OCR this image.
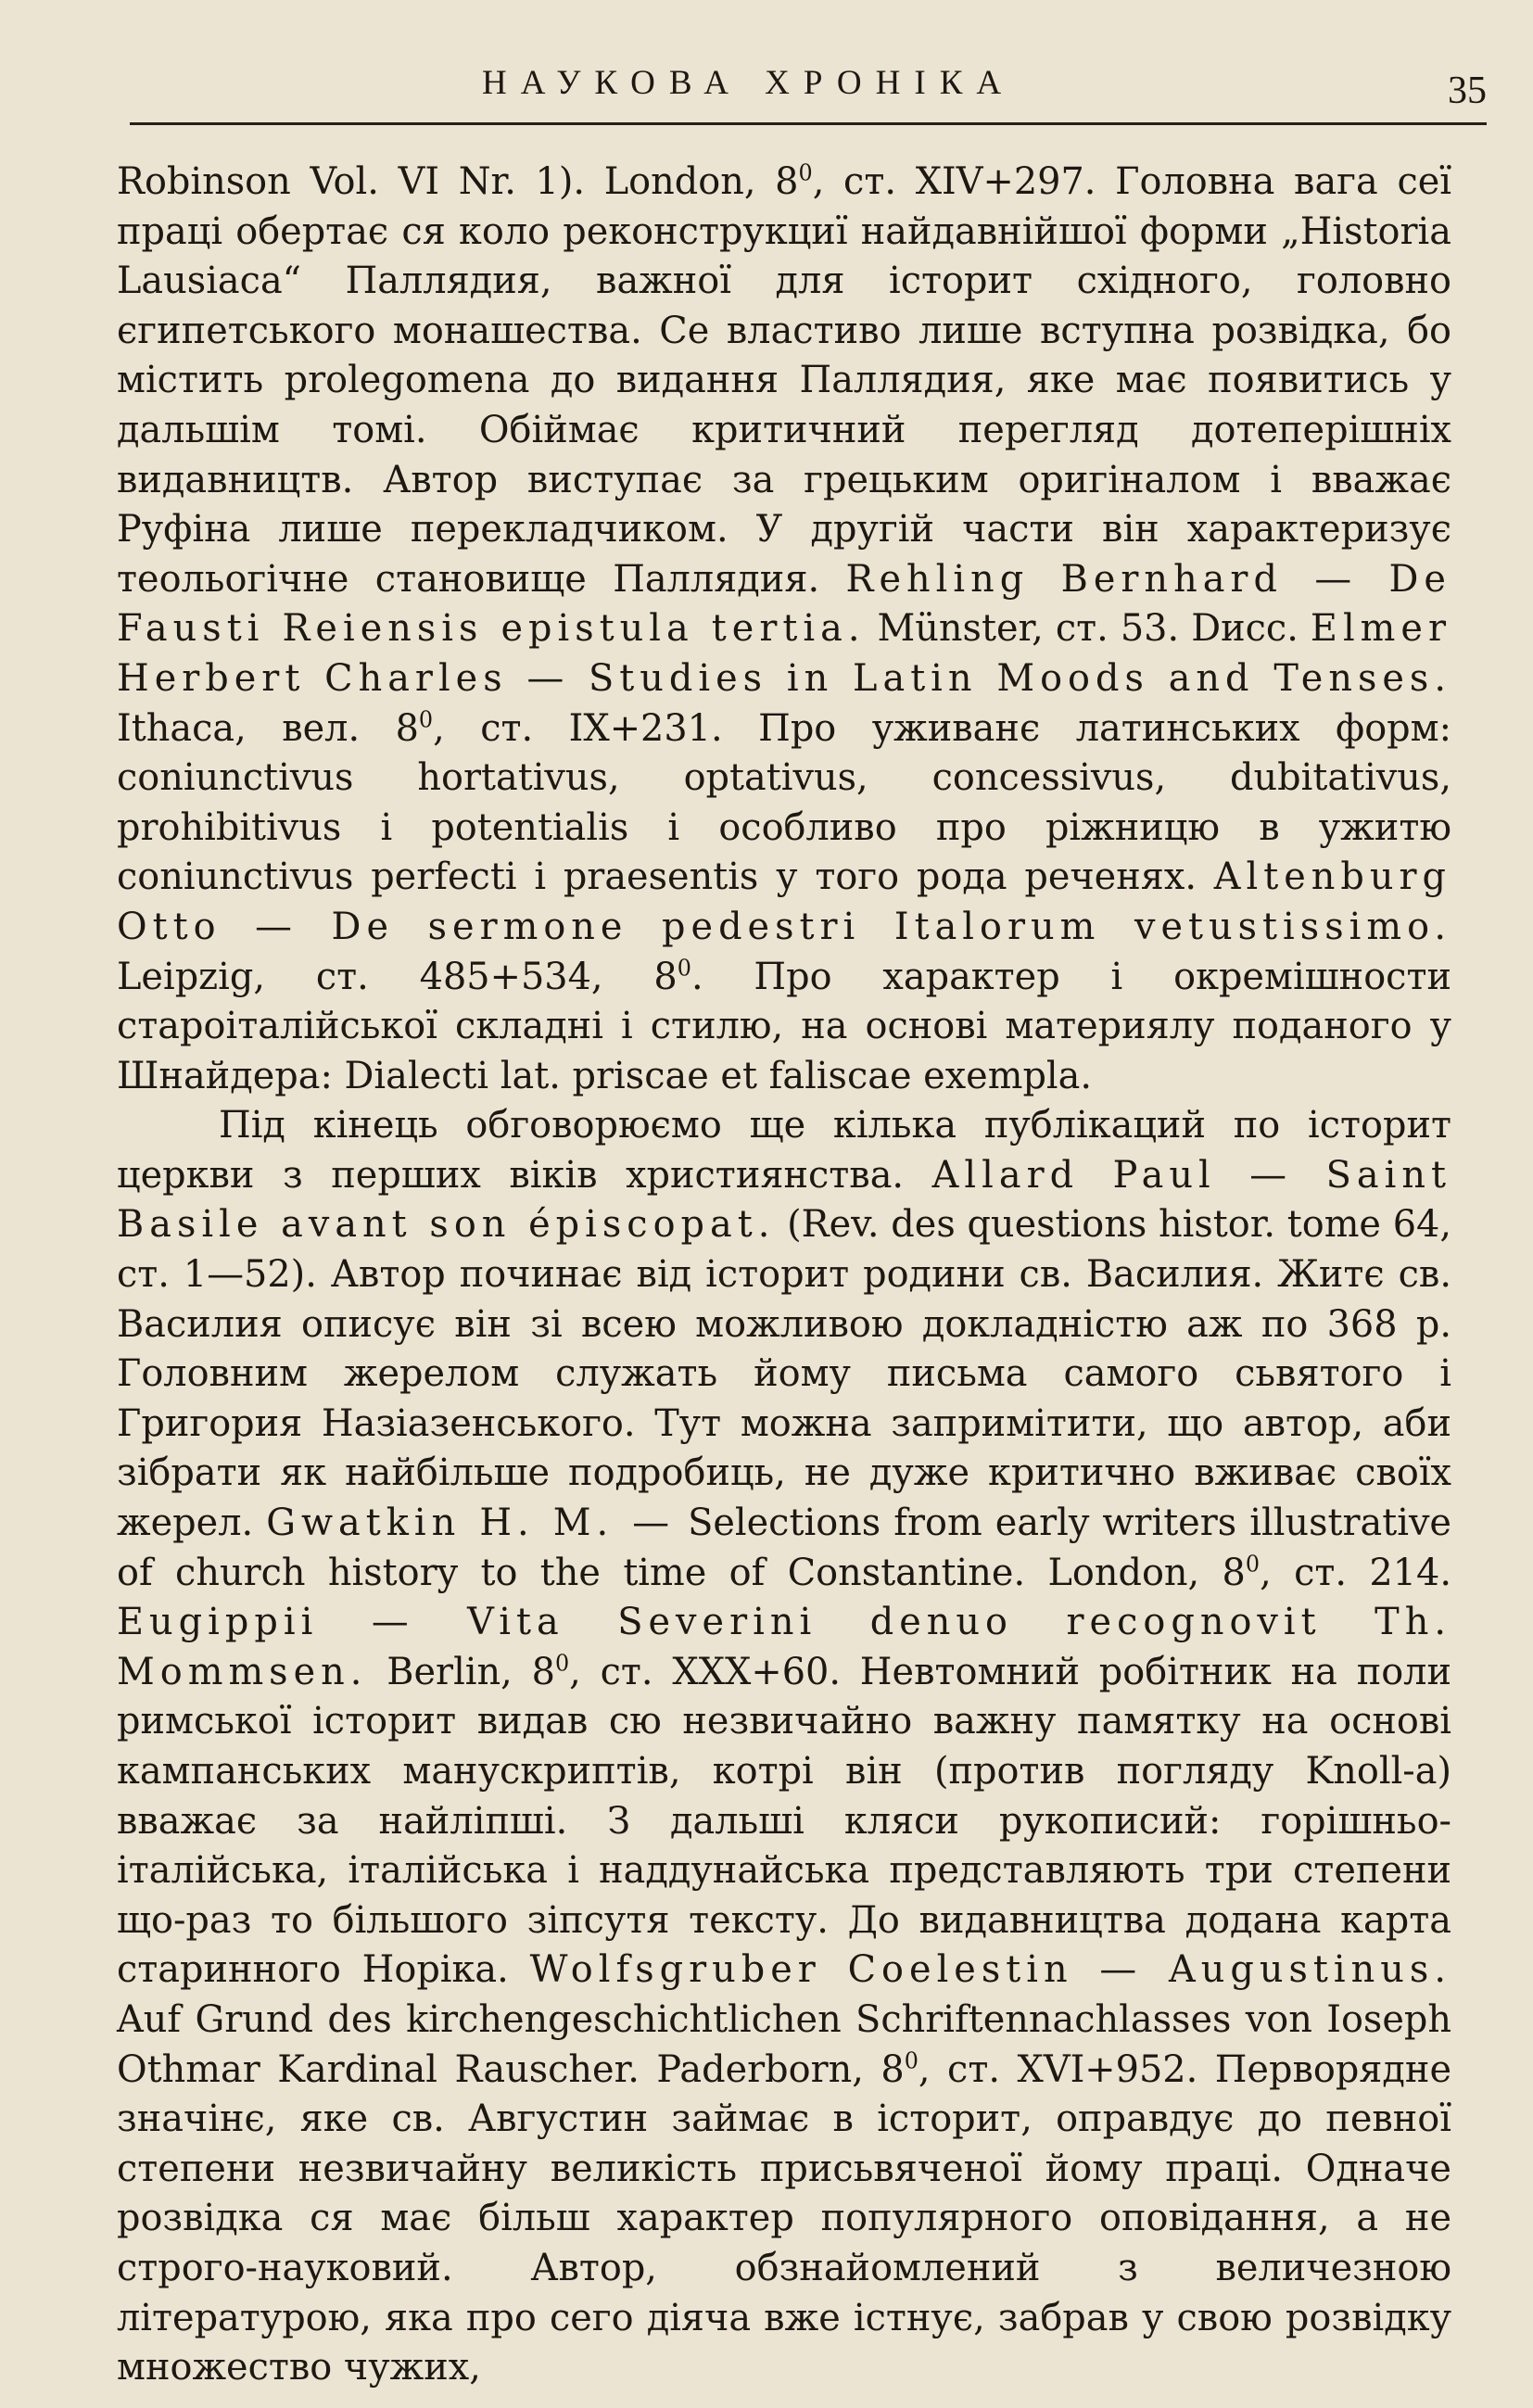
НАУКОВА ХРОНІКА	35

Robinson Vol. VI Nr. 1). London, $8^0$, ст. XIV+297. Головна вага сеї праці обертає ся коло реконструкциї найдавнійшої форми „Historia Lausiaca“ Паллядия, важної для історит східного, головно єгипетського монашества. Се властиво лише вступна розвідка, бо містить prolegomena до видання Паллядия, яке має появитись у дальшім томі. Обіймає критичний перегляд дотеперішніх видавництв. Автор виступає за грецьким оригіналом і вважає Руфіна лише перекладчиком. У другій части він характеризує теольогічне становище Паллядия. Rehling Bernhard — De Fausti Reiensis epistula tertia. Münster, ст. 53. Dисс. Elmer Herbert Charles — Studies in Latin Moods and Tenses. Ithaca, вел. $8^0$, ст. IX+231. Про уживанє латинських форм: coniunctivus hortativus, optativus, concessivus, dubitativus, prohibitivus і potentialis і особливо про ріжницю в ужитю coniunctivus perfecti і praesentis у того рода реченях. Altenburg Otto — De sermone pedestri Italorum vetustissimo. Leipzig, ст. 485+534, $8^0$. Про характер і окремішности староіталійської складні і стилю, на основі материялу поданого у Шнайдера: Dialecti lat. priscae et faliscae exempla.

Під кінець обговорюємо ще кілька публікаций по історит церкви з перших віків християнства. Allard Paul — Saint Basile avant son épiscopat. (Rev. des questions histor. tome 64, ст. 1—52). Автор починає від історит родини св. Василия. Житє св. Василия описує він зі всею можливою докладністю аж по 368 р. Головним жерелом служать йому письма самого сьвятого і Григория Назіазенського. Тут можна запримітити, що автор, аби зібрати як найбільше подробиць, не дуже критично вживає своїх жерел. Gwatkin H. M. — Selections from early writers illustrative of church history to the time of Constantine. London, $8^0$, ст. 214. Eugippii — Vita Severini denuo recognovit Th. Mommsen. Berlin, $8^0$, ст. XXX+60. Невтомний робітник на поли римської історит видав сю незвичайно важну памятку на основі кампанських манускриптів, котрі він (против погляду Knoll-а) вважає за найліпші. З дальші кляси рукописий: горішньо-італійська, італійська і наддунайська представляють три степени що-раз то більшого зіпсутя тексту. До видавництва додана карта старинного Норіка. Wolfsgruber Coelestin — Augustinus. Auf Grund des kirchengeschichtlichen Schriftennachlasses von Ioseph Othmar Kardinal Rauscher. Paderborn, $8^0$, ст. XVI+952. Перворядне значінє, яке св. Августин займає в історит, оправдує до певної степени незвичайну великість присьвяченої йому праці. Одначе розвідка ся має більш характер популярного оповідання, а не строго-науковий. Автор, обзнайомлений з величезною літературою, яка про сего діяча вже істнує, забрав у свою розвідку множество чужих,
